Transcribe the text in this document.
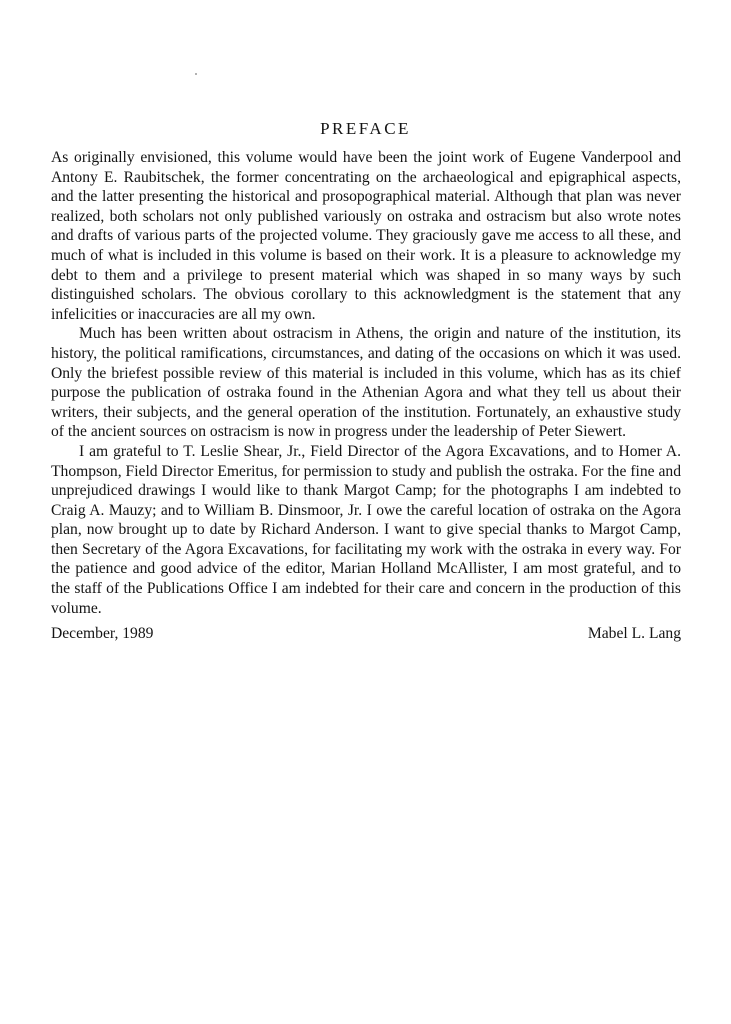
PREFACE

As originally envisioned, this volume would have been the joint work of Eugene Vanderpool and Antony E. Raubitschek, the former concentrating on the archaeological and epigraphical aspects, and the latter presenting the historical and prosopographical material. Although that plan was never realized, both scholars not only published variously on ostraka and ostracism but also wrote notes and drafts of various parts of the projected volume. They graciously gave me access to all these, and much of what is included in this volume is based on their work. It is a pleasure to acknowledge my debt to them and a privilege to present material which was shaped in so many ways by such distinguished scholars. The obvious corollary to this acknowledgment is the statement that any infelicities or inaccuracies are all my own.

Much has been written about ostracism in Athens, the origin and nature of the institution, its history, the political ramifications, circumstances, and dating of the occasions on which it was used. Only the briefest possible review of this material is included in this volume, which has as its chief purpose the publication of ostraka found in the Athenian Agora and what they tell us about their writers, their subjects, and the general operation of the institution. Fortunately, an exhaustive study of the ancient sources on ostracism is now in progress under the leadership of Peter Siewert.

I am grateful to T. Leslie Shear, Jr., Field Director of the Agora Excavations, and to Homer A. Thompson, Field Director Emeritus, for permission to study and publish the ostraka. For the fine and unprejudiced drawings I would like to thank Margot Camp; for the photographs I am indebted to Craig A. Mauzy; and to William B. Dinsmoor, Jr. I owe the careful location of ostraka on the Agora plan, now brought up to date by Richard Anderson. I want to give special thanks to Margot Camp, then Secretary of the Agora Excavations, for facilitating my work with the ostraka in every way. For the patience and good advice of the editor, Marian Holland McAllister, I am most grateful, and to the staff of the Publications Office I am indebted for their care and concern in the production of this volume.

December, 1989	Mabel L. Lang
